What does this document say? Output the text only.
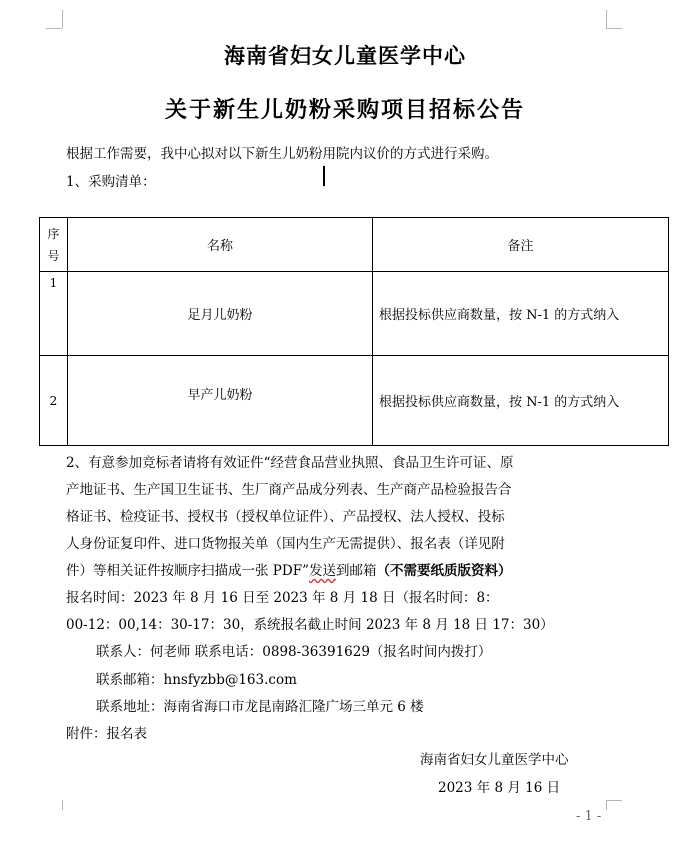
海南省妇女儿童医学中心
关于新生儿奶粉采购项目招标公告
根据工作需要，我中心拟对以下新生儿奶粉用院内议价的方式进行采购。
1、采购清单：
序
号	名称	备注
1	足月儿奶粉	根据投标供应商数量，按 N-1 的方式纳入
2	早产儿奶粉	根据投标供应商数量，按 N-1 的方式纳入
2、有意参加竞标者请将有效证件“经营食品营业执照、食品卫生许可证、原
产地证书、生产国卫生证书、生厂商产品成分列表、生产商产品检验报告合
格证书、检疫证书、授权书（授权单位证件）、产品授权、法人授权、投标
人身份证复印件、进口货物报关单（国内生产无需提供）、报名表（详见附
件）等相关证件按顺序扫描成一张 PDF”发送到邮箱（不需要纸质版资料）
报名时间：2023 年 8 月 16 日至 2023 年 8 月 18 日（报名时间：8：
00-12：00,14：30-17：30，系统报名截止时间 2023 年 8 月 18 日 17：30）
联系人：何老师 联系电话：0898-36391629（报名时间内拨打）
联系邮箱：hnsfyzbb@163.com
联系地址：海南省海口市龙昆南路汇隆广场三单元 6 楼
附件：报名表
海南省妇女儿童医学中心
2023 年 8 月 16 日
- 1 -
